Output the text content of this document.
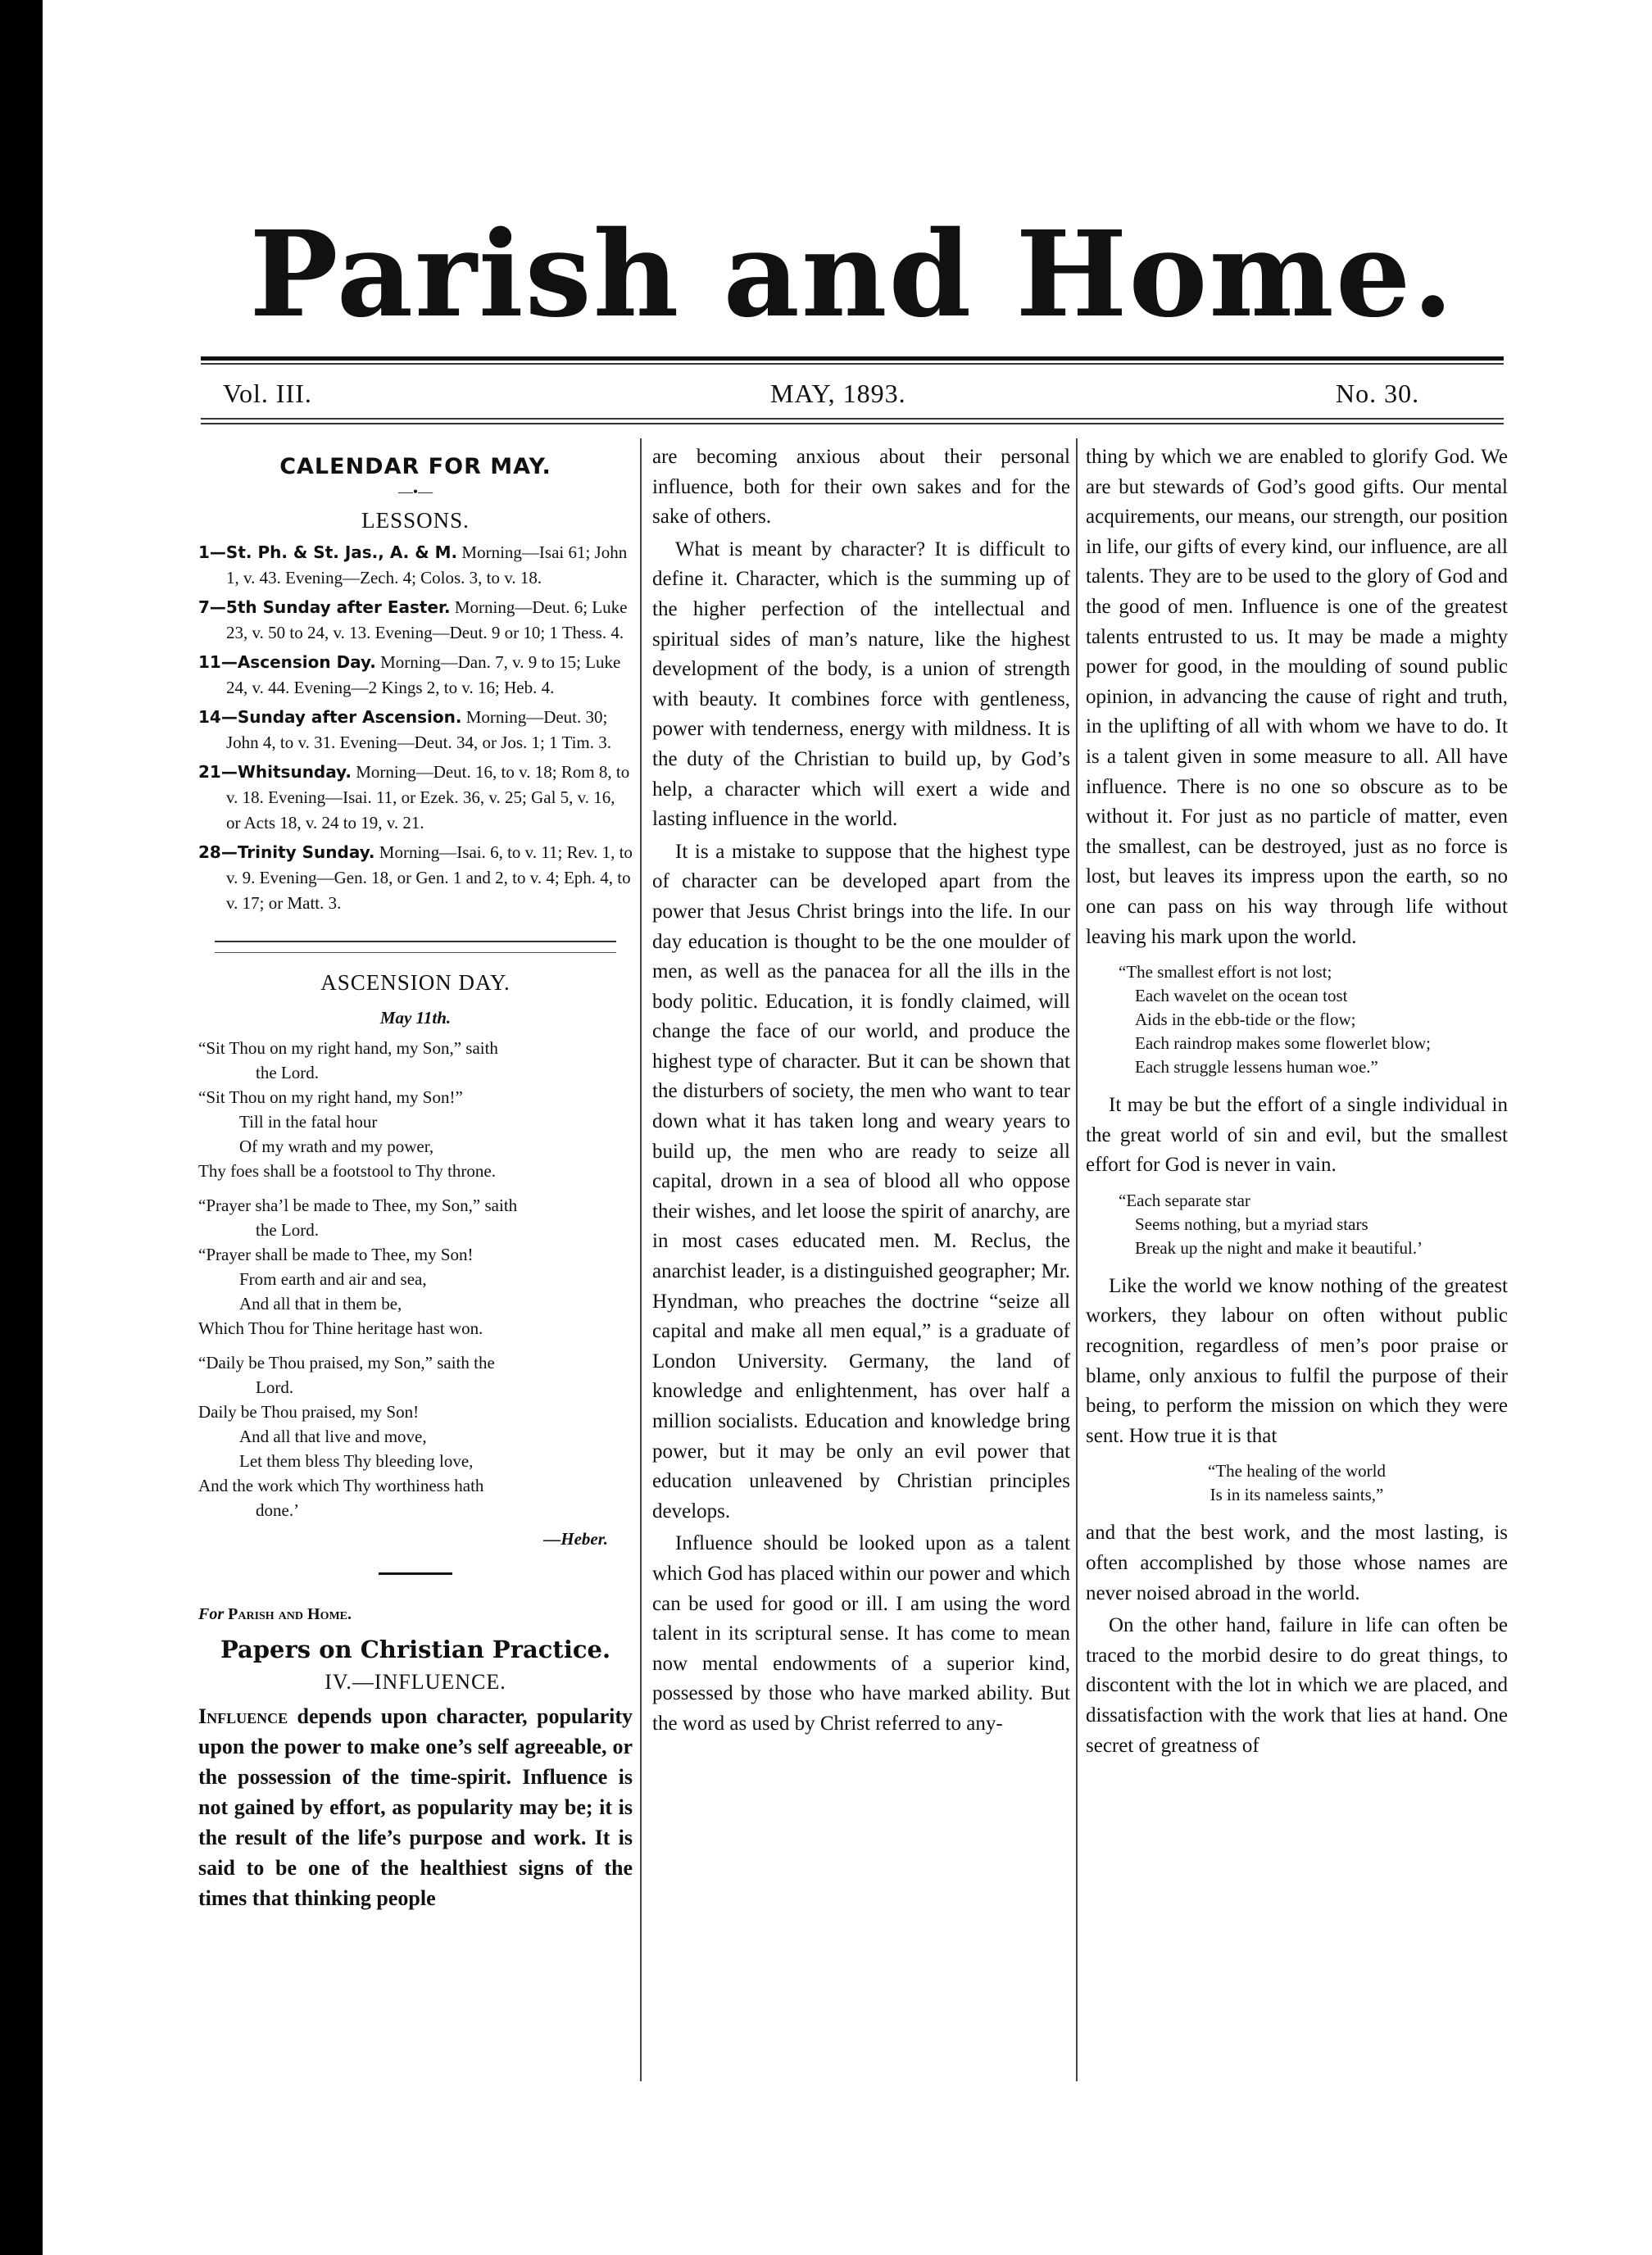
Parish and Home.
Vol. III.	MAY, 1893.	No. 30.
CALENDAR FOR MAY.
—•—
LESSONS.

1—St. Ph. & St. Jas., A. & M. Morning—Isai 61; John 1, v. 43. Evening—Zech. 4; Colos. 3, to v. 18.

7—5th Sunday after Easter. Morning—Deut. 6; Luke 23, v. 50 to 24, v. 13. Evening—Deut. 9 or 10; 1 Thess. 4.

11—Ascension Day. Morning—Dan. 7, v. 9 to 15; Luke 24, v. 44. Evening—2 Kings 2, to v. 16; Heb. 4.

14—Sunday after Ascension. Morning—Deut. 30; John 4, to v. 31. Evening—Deut. 34, or Jos. 1; 1 Tim. 3.

21—Whitsunday. Morning—Deut. 16, to v. 18; Rom 8, to v. 18. Evening—Isai. 11, or Ezek. 36, v. 25; Gal 5, v. 16, or Acts 18, v. 24 to 19, v. 21.

28—Trinity Sunday. Morning—Isai. 6, to v. 11; Rev. 1, to v. 9. Evening—Gen. 18, or Gen. 1 and 2, to v. 4; Eph. 4, to v. 17; or Matt. 3.

ASCENSION DAY.
May 11th.
“Sit Thou on my right hand, my Son,” saith
the Lord.
“Sit Thou on my right hand, my Son!”
Till in the fatal hour
Of my wrath and my power,
Thy foes shall be a footstool to Thy throne.
“Prayer sha’l be made to Thee, my Son,” saith
the Lord.
“Prayer shall be made to Thee, my Son!
From earth and air and sea,
And all that in them be,
Which Thou for Thine heritage hast won.
“Daily be Thou praised, my Son,” saith the
Lord.
Daily be Thou praised, my Son!
And all that live and move,
Let them bless Thy bleeding love,
And the work which Thy worthiness hath
done.’
—Heber.
For Parish and Home.
Papers on Christian Practice.
IV.—INFLUENCE.

Influence depends upon character, popularity upon the power to make one’s self agreeable, or the possession of the time-spirit. Influence is not gained by effort, as popularity may be; it is the result of the life’s purpose and work. It is said to be one of the healthiest signs of the times that thinking people

are becoming anxious about their personal influence, both for their own sakes and for the sake of others.

What is meant by character? It is difficult to define it. Character, which is the summing up of the higher perfection of the intellectual and spiritual sides of man’s nature, like the highest development of the body, is a union of strength with beauty. It combines force with gentleness, power with tenderness, energy with mildness. It is the duty of the Christian to build up, by God’s help, a character which will exert a wide and lasting influence in the world.

It is a mistake to suppose that the highest type of character can be developed apart from the power that Jesus Christ brings into the life. In our day education is thought to be the one moulder of men, as well as the panacea for all the ills in the body politic. Education, it is fondly claimed, will change the face of our world, and produce the highest type of character. But it can be shown that the disturbers of society, the men who want to tear down what it has taken long and weary years to build up, the men who are ready to seize all capital, drown in a sea of blood all who oppose their wishes, and let loose the spirit of anarchy, are in most cases educated men. M. Reclus, the anarchist leader, is a distinguished geographer; Mr. Hyndman, who preaches the doctrine “seize all capital and make all men equal,” is a graduate of London University. Germany, the land of knowledge and enlightenment, has over half a million socialists. Education and knowledge bring power, but it may be only an evil power that education unleavened by Christian principles develops.

Influence should be looked upon as a talent which God has placed within our power and which can be used for good or ill. I am using the word talent in its scriptural sense. It has come to mean now mental endowments of a superior kind, possessed by those who have marked ability. But the word as used by Christ referred to any-

thing by which we are enabled to glorify God. We are but stewards of God’s good gifts. Our mental acquirements, our means, our strength, our position in life, our gifts of every kind, our influence, are all talents. They are to be used to the glory of God and the good of men. Influence is one of the greatest talents entrusted to us. It may be made a mighty power for good, in the moulding of sound public opinion, in advancing the cause of right and truth, in the uplifting of all with whom we have to do. It is a talent given in some measure to all. All have influence. There is no one so obscure as to be without it. For just as no particle of matter, even the smallest, can be destroyed, just as no force is lost, but leaves its impress upon the earth, so no one can pass on his way through life without leaving his mark upon the world.

“The smallest effort is not lost;
Each wavelet on the ocean tost
Aids in the ebb-tide or the flow;
Each raindrop makes some flowerlet blow;
Each struggle lessens human woe.”

It may be but the effort of a single individual in the great world of sin and evil, but the smallest effort for God is never in vain.

“Each separate star
Seems nothing, but a myriad stars
Break up the night and make it beautiful.’

Like the world we know nothing of the greatest workers, they labour on often without public recognition, regardless of men’s poor praise or blame, only anxious to fulfil the purpose of their being, to perform the mission on which they were sent. How true it is that

“The healing of the world
Is in its nameless saints,”

and that the best work, and the most lasting, is often accomplished by those whose names are never noised abroad in the world.

On the other hand, failure in life can often be traced to the morbid desire to do great things, to discontent with the lot in which we are placed, and dissatisfaction with the work that lies at hand. One secret of greatness of
